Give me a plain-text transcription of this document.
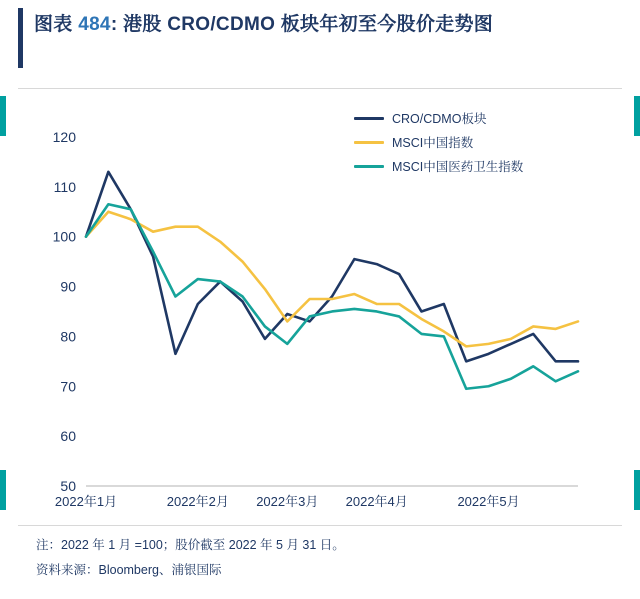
图表 484: 港股 CRO/CDMO 板块年初至今股价走势图
50
60
70
80
90
100
110
120
2022年1月	2022年2月 2022年3月 2022年4月	2022年5月
CRO/CDMO板块
MSCI中国指数
MSCI中国医药卫生指数
注：2022 年 1 月 =100；股价截至 2022 年 5 月 31 日。
资料来源：Bloomberg、浦银国际
